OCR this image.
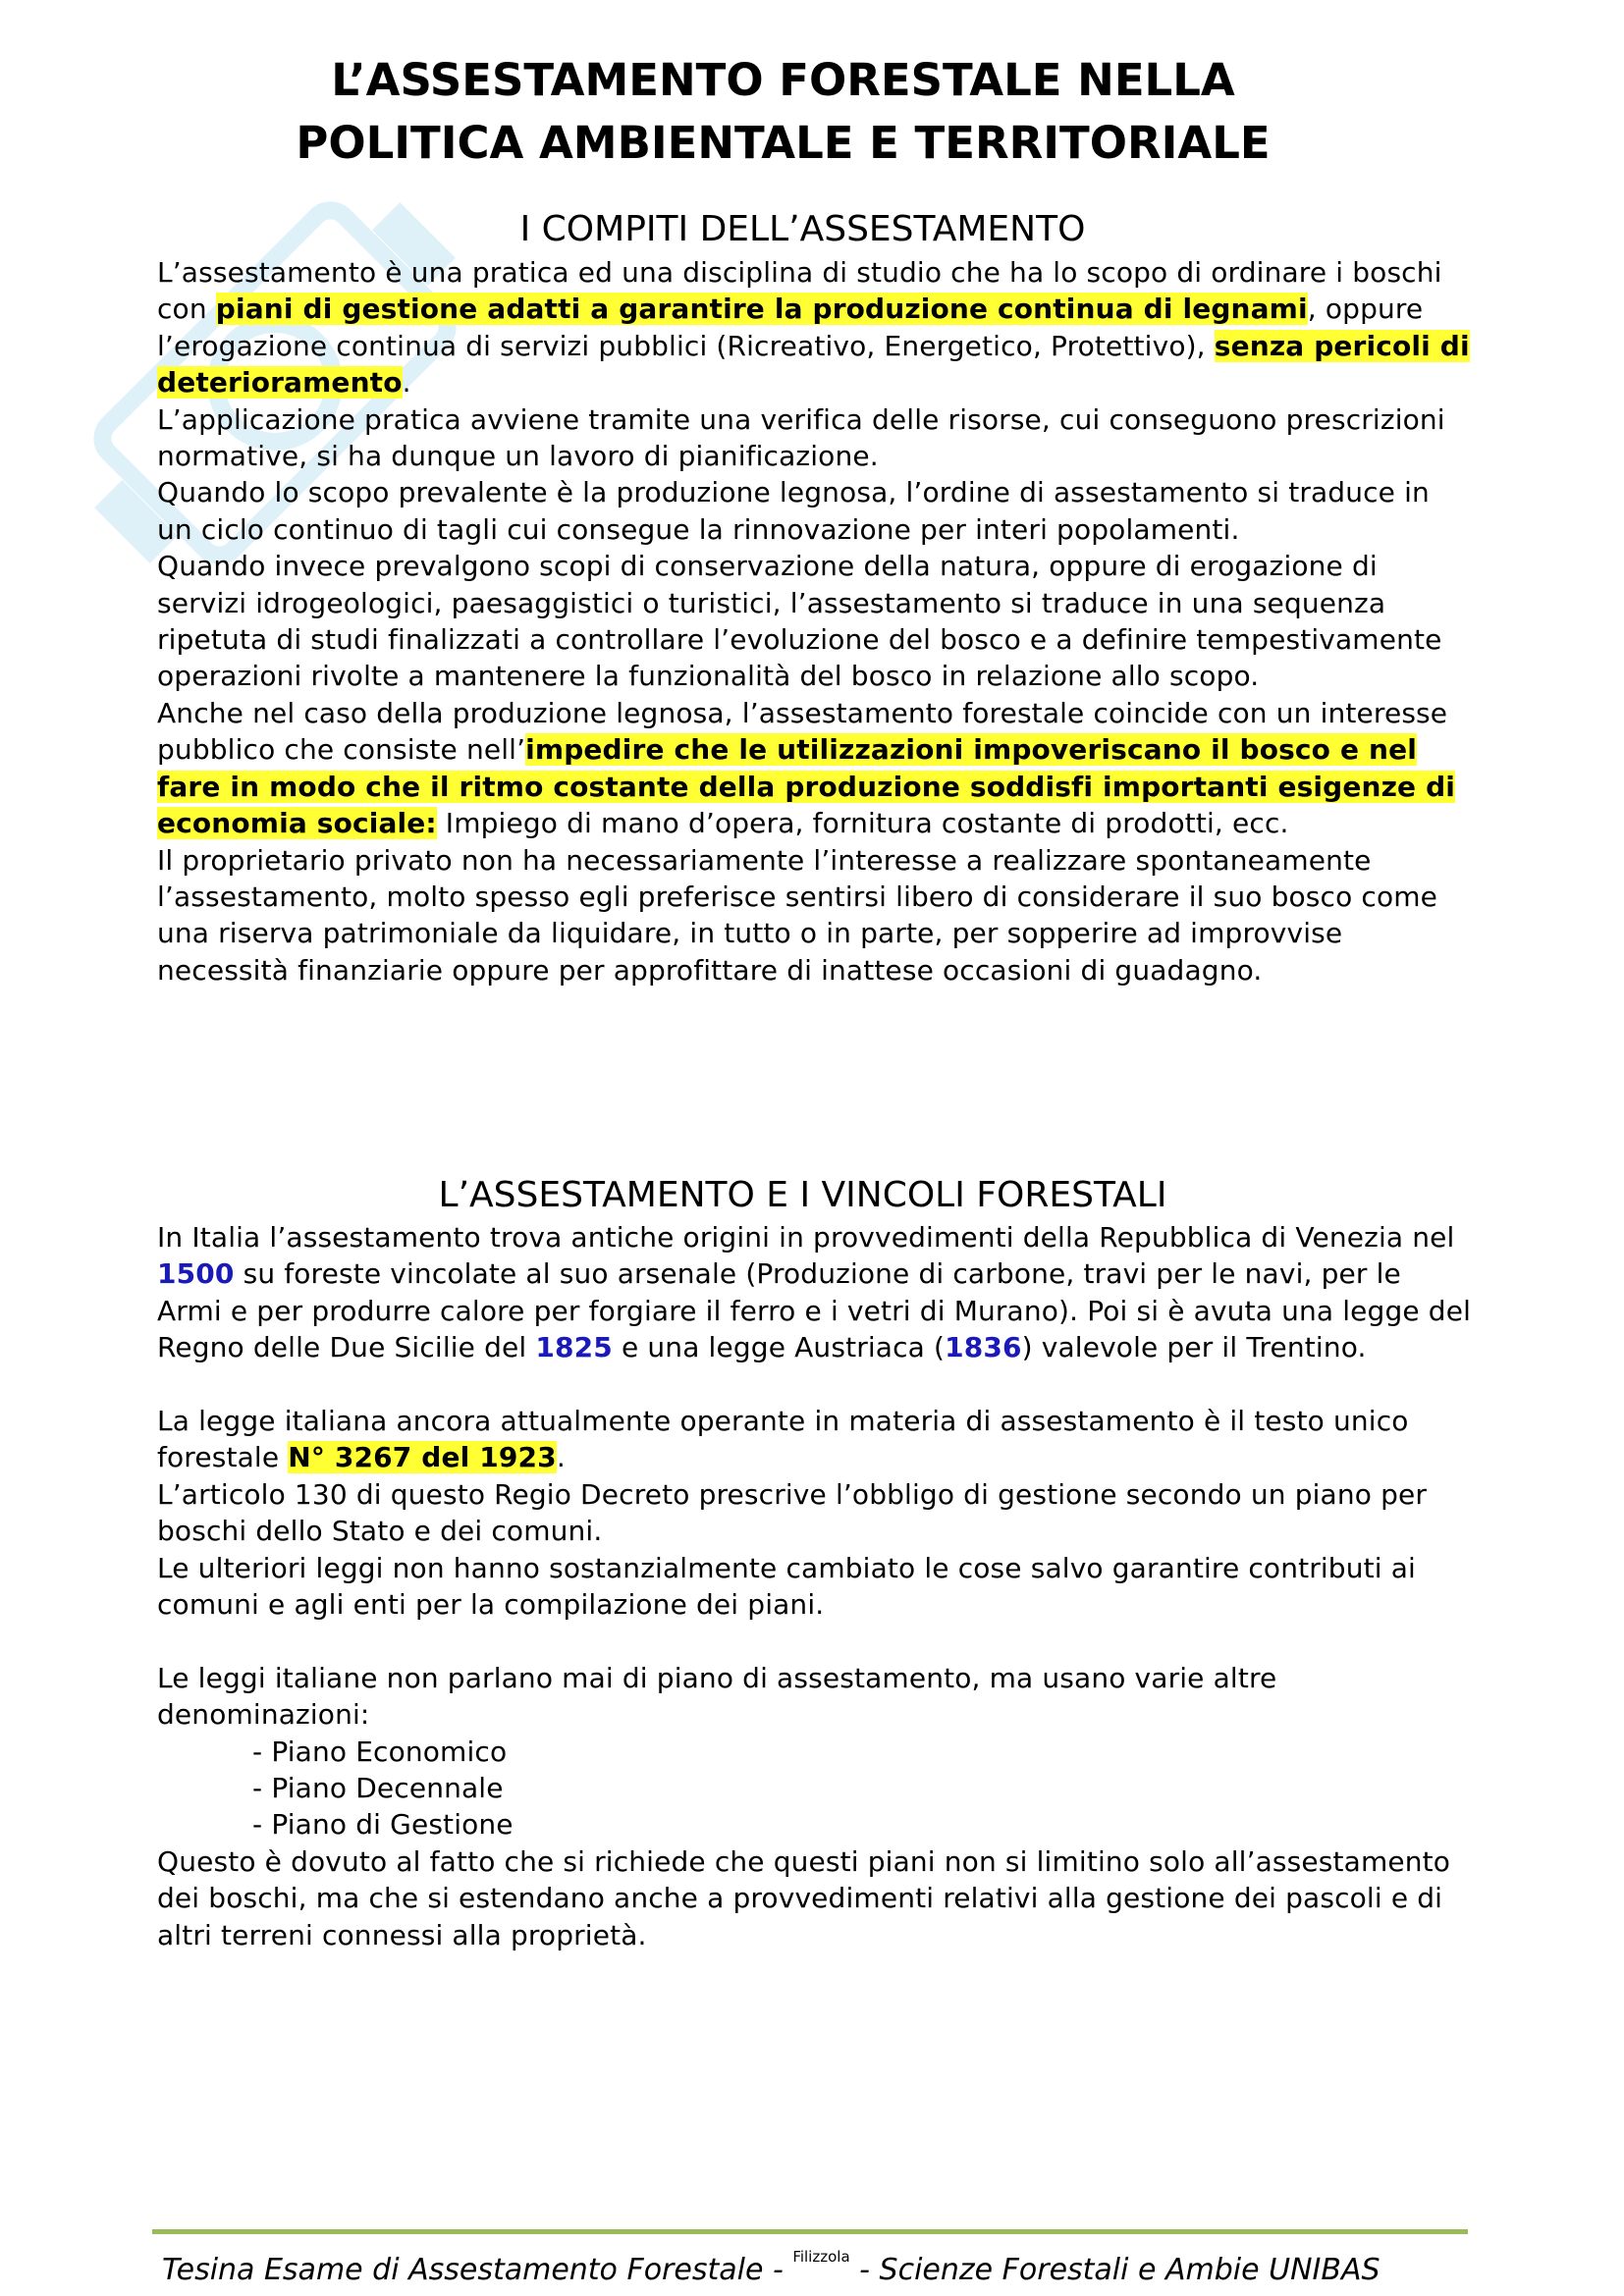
L’ASSESTAMENTO FORESTALE NELLA
POLITICA AMBIENTALE E TERRITORIALE
I COMPITI DELL’ASSESTAMENTO

L’assestamento è una pratica ed una disciplina di studio che ha lo scopo di ordinare i boschi con piani di gestione adatti a garantire la produzione continua di legnami, oppure l’erogazione continua di servizi pubblici (Ricreativo, Energetico, Protettivo), senza pericoli di deterioramento.

L’applicazione pratica avviene tramite una verifica delle risorse, cui conseguono prescrizioni normative, si ha dunque un lavoro di pianificazione.

Quando lo scopo prevalente è la produzione legnosa, l’ordine di assestamento si traduce in un ciclo continuo di tagli cui consegue la rinnovazione per interi popolamenti.

Quando invece prevalgono scopi di conservazione della natura, oppure di erogazione di servizi idrogeologici, paesaggistici o turistici, l’assestamento si traduce in una sequenza ripetuta di studi finalizzati a controllare l’evoluzione del bosco e a definire tempestivamente operazioni rivolte a mantenere la funzionalità del bosco in relazione allo scopo.

Anche nel caso della produzione legnosa, l’assestamento forestale coincide con un interesse pubblico che consiste nell’impedire che le utilizzazioni impoveriscano il bosco e nel fare in modo che il ritmo costante della produzione soddisfi importanti esigenze di economia sociale: Impiego di mano d’opera, fornitura costante di prodotti, ecc.

Il proprietario privato non ha necessariamente l’interesse a realizzare spontaneamente l’assestamento, molto spesso egli preferisce sentirsi libero di considerare il suo bosco come una riserva patrimoniale da liquidare, in tutto o in parte, per sopperire ad improvvise necessità finanziarie oppure per approfittare di inattese occasioni di guadagno.

L’ASSESTAMENTO E I VINCOLI FORESTALI

In Italia l’assestamento trova antiche origini in provvedimenti della Repubblica di Venezia nel 1500 su foreste vincolate al suo arsenale (Produzione di carbone, travi per le navi, per le Armi e per produrre calore per forgiare il ferro e i vetri di Murano). Poi si è avuta una legge del Regno delle Due Sicilie del 1825 e una legge Austriaca (1836) valevole per il Trentino.

La legge italiana ancora attualmente operante in materia di assestamento è il testo unico forestale N° 3267 del 1923.

L’articolo 130 di questo Regio Decreto prescrive l’obbligo di gestione secondo un piano per boschi dello Stato e dei comuni.

Le ulteriori leggi non hanno sostanzialmente cambiato le cose salvo garantire contributi ai comuni e agli enti per la compilazione dei piani.

Le leggi italiane non parlano mai di piano di assestamento, ma usano varie altre denominazioni:

- Piano Economico
- Piano Decennale
- Piano di Gestione

Questo è dovuto al fatto che si richiede che questi piani non si limitino solo all’assestamento dei boschi, ma che si estendano anche a provvedimenti relativi alla gestione dei pascoli e di altri terreni connessi alla proprietà.

Tesina Esame di Assestamento Forestale - $^{Filizzola}$ - Scienze Forestali e Ambie UNIBAS
